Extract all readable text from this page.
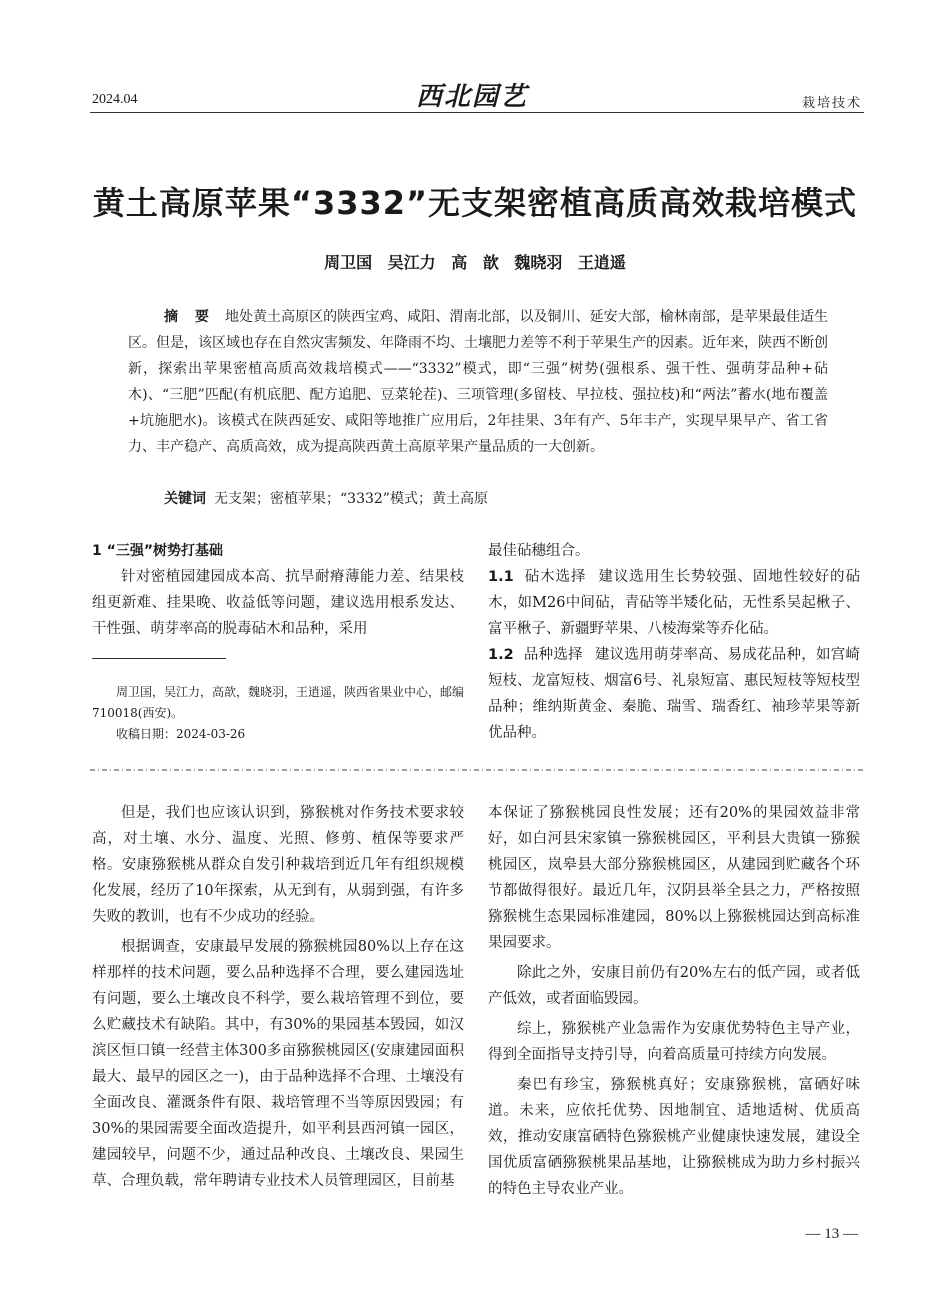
2024.04	西北园艺	栽培技术
黄土高原苹果“3332”无支架密植高质高效栽培模式
周卫国 吴江力 高 歆 魏晓羽 王逍遥
摘 要 地处黄土高原区的陕西宝鸡、咸阳、渭南北部，以及铜川、延安大部，榆林南部，是苹果最佳适生区。但是，该区域也存在自然灾害频发、年降雨不均、土壤肥力差等不利于苹果生产的因素。近年来，陕西不断创新，探索出苹果密植高质高效栽培模式——“3332”模式，即“三强”树势(强根系、强干性、强萌芽品种+砧木)、“三肥”匹配(有机底肥、配方追肥、豆菜轮茬)、三项管理(多留枝、早拉枝、强拉枝)和“两法”蓄水(地布覆盖+坑施肥水)。该模式在陕西延安、咸阳等地推广应用后，2年挂果、3年有产、5年丰产，实现早果早产、省工省力、丰产稳产、高质高效，成为提高陕西黄土高原苹果产量品质的一大创新。
关键词 无支架；密植苹果；“3332”模式；黄土高原

1 “三强”树势打基础

针对密植园建园成本高、抗旱耐瘠薄能力差、结果枝组更新难、挂果晚、收益低等问题，建议选用根系发达、干性强、萌芽率高的脱毒砧木和品种，采用

周卫国，吴江力，高歆，魏晓羽，王逍遥，陕西省果业中心，邮编710018(西安)。

收稿日期：2024-03-26

最佳砧穗组合。

1.1 砧木选择 建议选用生长势较强、固地性较好的砧木，如M26中间砧，青砧等半矮化砧，无性系吴起楸子、富平楸子、新疆野苹果、八棱海棠等乔化砧。

1.2 品种选择 建议选用萌芽率高、易成花品种，如宫崎短枝、龙富短枝、烟富6号、礼泉短富、惠民短枝等短枝型品种；维纳斯黄金、秦脆、瑞雪、瑞香红、袖珍苹果等新优品种。

但是，我们也应该认识到，猕猴桃对作务技术要求较高，对土壤、水分、温度、光照、修剪、植保等要求严格。安康猕猴桃从群众自发引种栽培到近几年有组织规模化发展，经历了10年探索，从无到有，从弱到强，有许多失败的教训，也有不少成功的经验。

根据调查，安康最早发展的猕猴桃园80%以上存在这样那样的技术问题，要么品种选择不合理，要么建园选址有问题，要么土壤改良不科学，要么栽培管理不到位，要么贮藏技术有缺陷。其中，有30%的果园基本毁园，如汉滨区恒口镇一经营主体300多亩猕猴桃园区(安康建园面积最大、最早的园区之一)，由于品种选择不合理、土壤没有全面改良、灌溉条件有限、栽培管理不当等原因毁园；有30%的果园需要全面改造提升，如平利县西河镇一园区，建园较早，问题不少，通过品种改良、土壤改良、果园生草、合理负载，常年聘请专业技术人员管理园区，目前基

本保证了猕猴桃园良性发展；还有20%的果园效益非常好，如白河县宋家镇一猕猴桃园区，平利县大贵镇一猕猴桃园区，岚皋县大部分猕猴桃园区，从建园到贮藏各个环节都做得很好。最近几年，汉阴县举全县之力，严格按照猕猴桃生态果园标准建园，80%以上猕猴桃园达到高标准果园要求。

除此之外，安康目前仍有20%左右的低产园，或者低产低效，或者面临毁园。

综上，猕猴桃产业急需作为安康优势特色主导产业，得到全面指导支持引导，向着高质量可持续方向发展。

秦巴有珍宝，猕猴桃真好；安康猕猴桃，富硒好味道。未来，应依托优势、因地制宜、适地适树、优质高效，推动安康富硒特色猕猴桃产业健康快速发展，建设全国优质富硒猕猴桃果品基地，让猕猴桃成为助力乡村振兴的特色主导农业产业。

— 13 —
